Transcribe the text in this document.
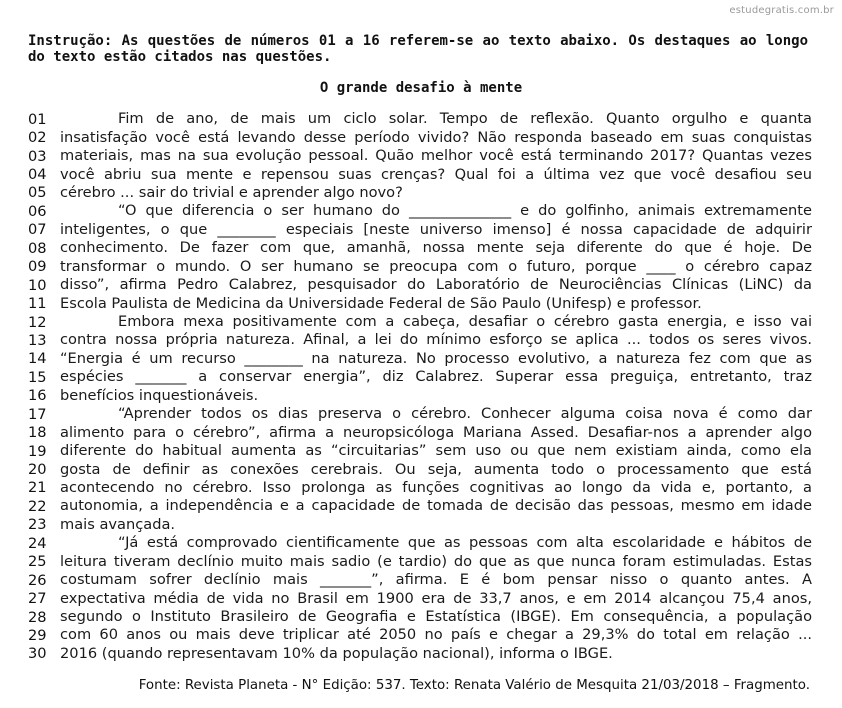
estudegratis.com.br
Instrução: As questões de números 01 a 16 referem-se ao texto abaixo. Os destaques ao longo do texto estão citados nas questões.
O grande desafio à mente
01	Fim de ano, de mais um ciclo solar. Tempo de reflexão. Quanto orgulho e quanta
02 insatisfação você está levando desse período vivido? Não responda baseado em suas conquistas
03 materiais, mas na sua evolução pessoal. Quão melhor você está terminando 2017? Quantas vezes
04 você abriu sua mente e repensou suas crenças? Qual foi a última vez que você desafiou seu
05 cérebro ... sair do trivial e aprender algo novo?
06	“O que diferencia o ser humano do ______________ e do golfinho, animais extremamente
07 inteligentes, o que ________ especiais [neste universo imenso] é nossa capacidade de adquirir
08 conhecimento. De fazer com que, amanhã, nossa mente seja diferente do que é hoje. De
09 transformar o mundo. O ser humano se preocupa com o futuro, porque ____ o cérebro capaz
10 disso”, afirma Pedro Calabrez, pesquisador do Laboratório de Neurociências Clínicas (LiNC) da
11 Escola Paulista de Medicina da Universidade Federal de São Paulo (Unifesp) e professor.
12	Embora mexa positivamente com a cabeça, desafiar o cérebro gasta energia, e isso vai
13 contra nossa própria natureza. Afinal, a lei do mínimo esforço se aplica ... todos os seres vivos.
14 “Energia é um recurso ________ na natureza. No processo evolutivo, a natureza fez com que as
15 espécies _______ a conservar energia”, diz Calabrez. Superar essa preguiça, entretanto, traz
16 benefícios inquestionáveis.
17	“Aprender todos os dias preserva o cérebro. Conhecer alguma coisa nova é como dar
18 alimento para o cérebro”, afirma a neuropsicóloga Mariana Assed. Desafiar-nos a aprender algo
19 diferente do habitual aumenta as “circuitarias” sem uso ou que nem existiam ainda, como ela
20 gosta de definir as conexões cerebrais. Ou seja, aumenta todo o processamento que está
21 acontecendo no cérebro. Isso prolonga as funções cognitivas ao longo da vida e, portanto, a
22 autonomia, a independência e a capacidade de tomada de decisão das pessoas, mesmo em idade
23 mais avançada.
24	“Já está comprovado cientificamente que as pessoas com alta escolaridade e hábitos de
25 leitura tiveram declínio muito mais sadio (e tardio) do que as que nunca foram estimuladas. Estas
26 costumam sofrer declínio mais _______”, afirma. E é bom pensar nisso o quanto antes. A
27 expectativa média de vida no Brasil em 1900 era de 33,7 anos, e em 2014 alcançou 75,4 anos,
28 segundo o Instituto Brasileiro de Geografia e Estatística (IBGE). Em consequência, a população
29 com 60 anos ou mais deve triplicar até 2050 no país e chegar a 29,3% do total em relação ...
30 2016 (quando representavam 10% da população nacional), informa o IBGE.
Fonte: Revista Planeta - N° Edição: 537. Texto: Renata Valério de Mesquita 21/03/2018 – Fragmento.
